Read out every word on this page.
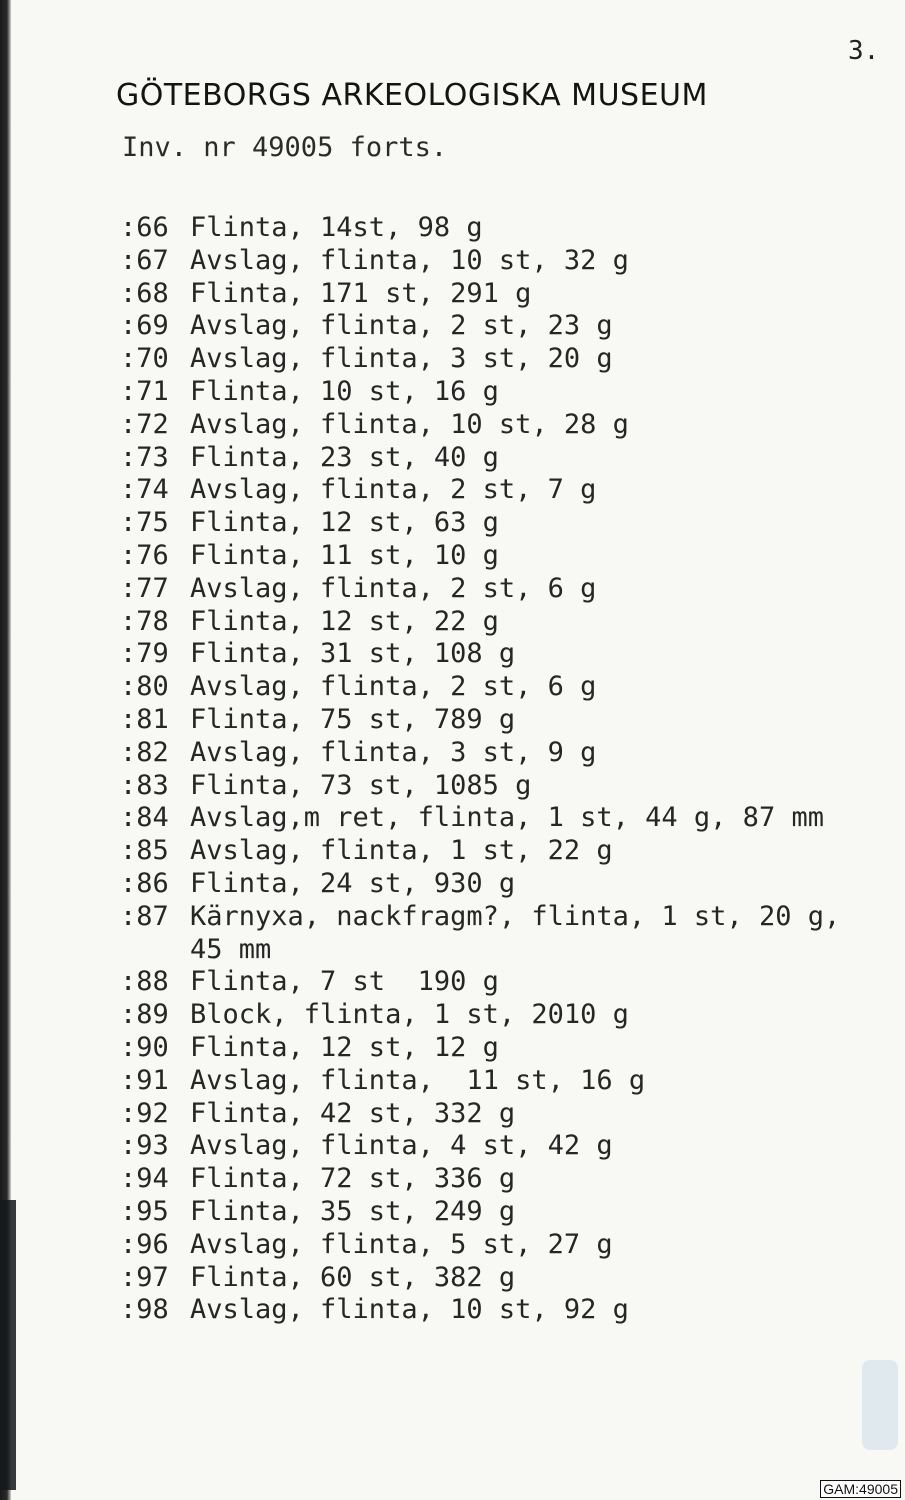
3.
GÖTEBORGS ARKEOLOGISKA MUSEUM
Inv. nr 49005 forts.
:66 Flinta, 14st, 98 g
:67 Avslag, flinta, 10 st, 32 g
:68 Flinta, 171 st, 291 g
:69 Avslag, flinta, 2 st, 23 g
:70 Avslag, flinta, 3 st, 20 g
:71 Flinta, 10 st, 16 g
:72 Avslag, flinta, 10 st, 28 g
:73 Flinta, 23 st, 40 g
:74 Avslag, flinta, 2 st, 7 g
:75 Flinta, 12 st, 63 g
:76 Flinta, 11 st, 10 g
:77 Avslag, flinta, 2 st, 6 g
:78 Flinta, 12 st, 22 g
:79 Flinta, 31 st, 108 g
:80 Avslag, flinta, 2 st, 6 g
:81 Flinta, 75 st, 789 g
:82 Avslag, flinta, 3 st, 9 g
:83 Flinta, 73 st, 1085 g
:84 Avslag,m ret, flinta, 1 st, 44 g, 87 mm
:85 Avslag, flinta, 1 st, 22 g
:86 Flinta, 24 st, 930 g
:87 Kärnyxa, nackfragm?, flinta, 1 st, 20 g,
45 mm
:88 Flinta, 7 st  190 g
:89 Block, flinta, 1 st, 2010 g
:90 Flinta, 12 st, 12 g
:91 Avslag, flinta,  11 st, 16 g
:92 Flinta, 42 st, 332 g
:93 Avslag, flinta, 4 st, 42 g
:94 Flinta, 72 st, 336 g
:95 Flinta, 35 st, 249 g
:96 Avslag, flinta, 5 st, 27 g
:97 Flinta, 60 st, 382 g
:98 Avslag, flinta, 10 st, 92 g
GAM:49005
